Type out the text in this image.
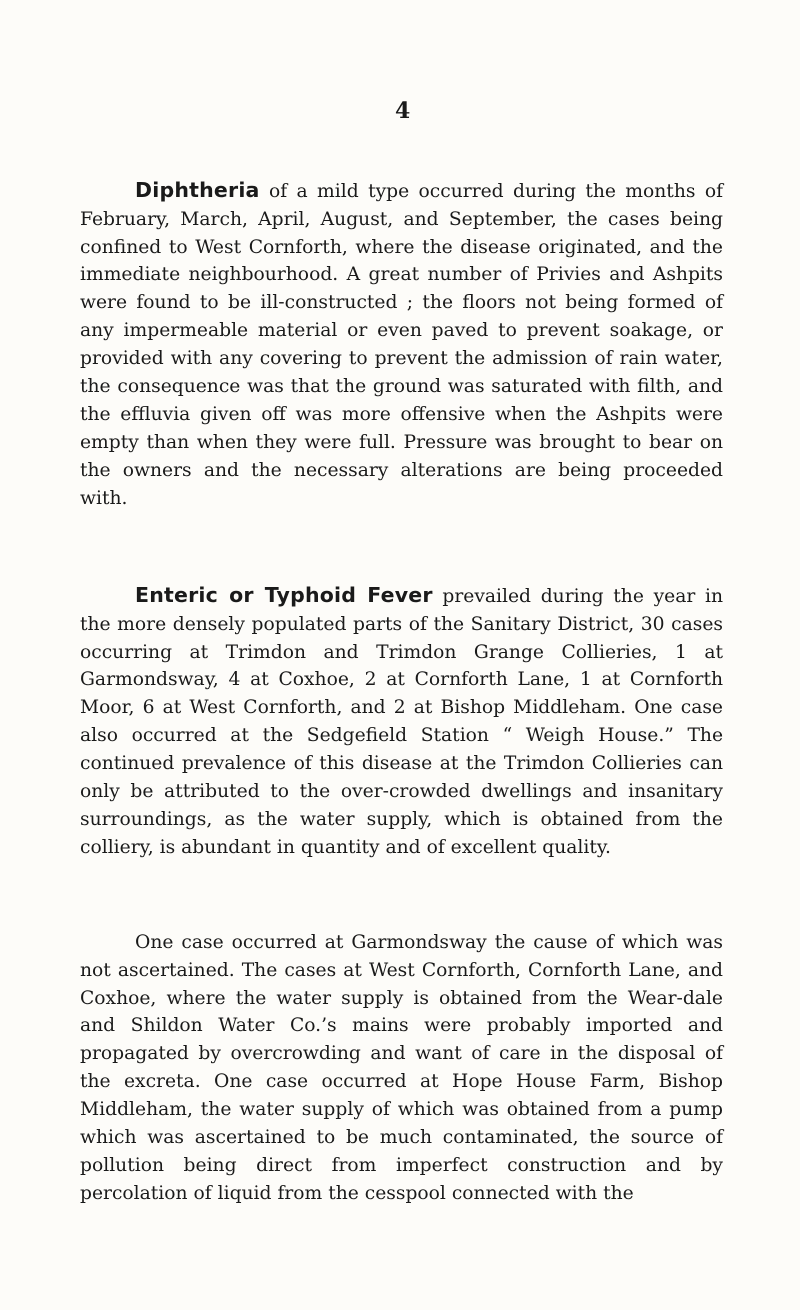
4

Diphtheria of a mild type occurred during the months of February, March, April, August, and September, the cases being confined to West Cornforth, where the disease originated, and the immediate neighbourhood. A great number of Privies and Ashpits were found to be ill-constructed ; the floors not being formed of any impermeable material or even paved to prevent soakage, or provided with any covering to prevent the admission of rain water, the consequence was that the ground was saturated with filth, and the effluvia given off was more offensive when the Ashpits were empty than when they were full. Pressure was brought to bear on the owners and the necessary alterations are being proceeded with.

Enteric or Typhoid Fever prevailed during the year in the more densely populated parts of the Sanitary District, 30 cases occurring at Trimdon and Trimdon Grange Collieries, 1 at Garmondsway, 4 at Coxhoe, 2 at Cornforth Lane, 1 at Cornforth Moor, 6 at West Cornforth, and 2 at Bishop Middleham. One case also occurred at the Sedgefield Station “ Weigh House.” The continued prevalence of this disease at the Trimdon Collieries can only be attributed to the over-crowded dwellings and insanitary surroundings, as the water supply, which is obtained from the colliery, is abundant in quantity and of excellent quality.

One case occurred at Garmondsway the cause of which was not ascertained. The cases at West Cornforth, Cornforth Lane, and Coxhoe, where the water supply is obtained from the Wear-dale and Shildon Water Co.’s mains were probably imported and propagated by overcrowding and want of care in the disposal of the excreta. One case occurred at Hope House Farm, Bishop Middleham, the water supply of which was obtained from a pump which was ascertained to be much contaminated, the source of pollution being direct from imperfect construction and by percolation of liquid from the cesspool connected with the
